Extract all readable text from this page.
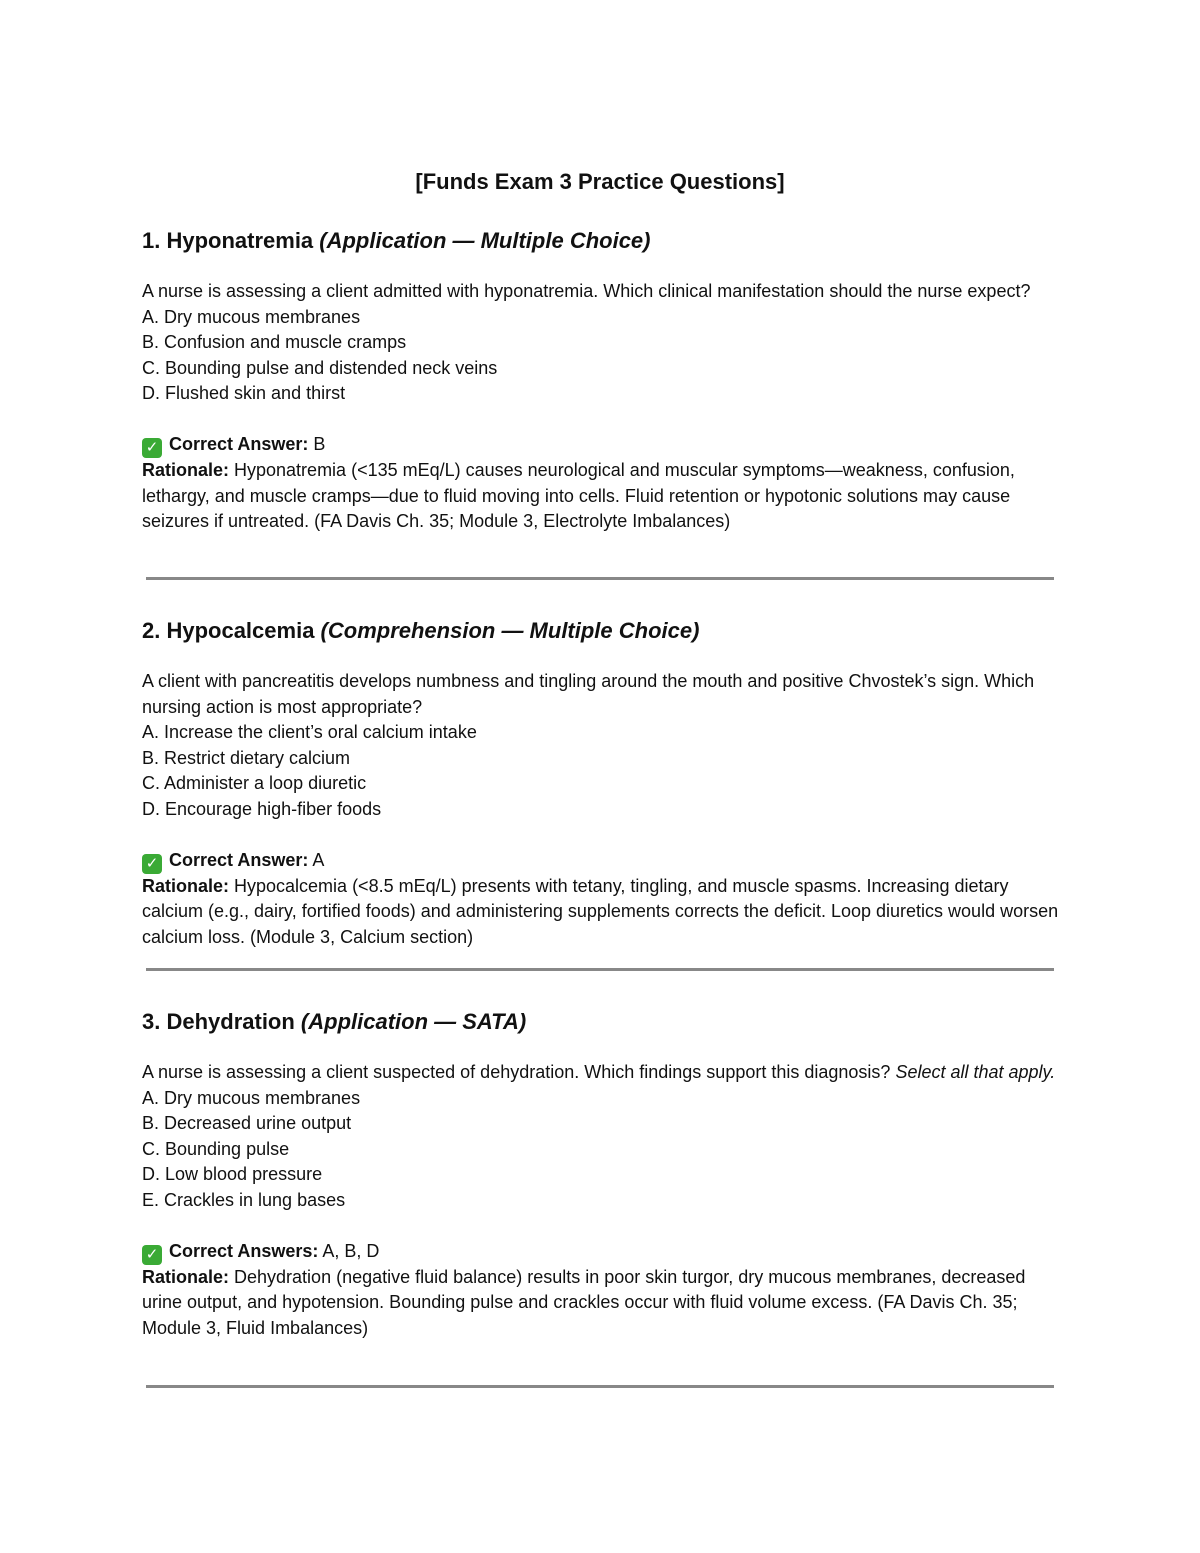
[Funds Exam 3 Practice Questions]
1. Hyponatremia (Application — Multiple Choice)

A nurse is assessing a client admitted with hyponatremia. Which clinical manifestation should the nurse expect?

A. Dry mucous membranes

B. Confusion and muscle cramps

C. Bounding pulse and distended neck veins

D. Flushed skin and thirst

✓ Correct Answer: B

Rationale: Hyponatremia (<135 mEq/L) causes neurological and muscular symptoms—weakness, confusion, lethargy, and muscle cramps—due to fluid moving into cells. Fluid retention or hypotonic solutions may cause seizures if untreated. (FA Davis Ch. 35; Module 3, Electrolyte Imbalances)

2. Hypocalcemia (Comprehension — Multiple Choice)

A client with pancreatitis develops numbness and tingling around the mouth and positive Chvostek’s sign. Which nursing action is most appropriate?

A. Increase the client’s oral calcium intake

B. Restrict dietary calcium

C. Administer a loop diuretic

D. Encourage high-fiber foods

✓ Correct Answer: A

Rationale: Hypocalcemia (<8.5 mEq/L) presents with tetany, tingling, and muscle spasms. Increasing dietary calcium (e.g., dairy, fortified foods) and administering supplements corrects the deficit. Loop diuretics would worsen calcium loss. (Module 3, Calcium section)

3. Dehydration (Application — SATA)

A nurse is assessing a client suspected of dehydration. Which findings support this diagnosis? Select all that apply.

A. Dry mucous membranes

B. Decreased urine output

C. Bounding pulse

D. Low blood pressure

E. Crackles in lung bases

✓ Correct Answers: A, B, D

Rationale: Dehydration (negative fluid balance) results in poor skin turgor, dry mucous membranes, decreased urine output, and hypotension. Bounding pulse and crackles occur with fluid volume excess. (FA Davis Ch. 35; Module 3, Fluid Imbalances)
